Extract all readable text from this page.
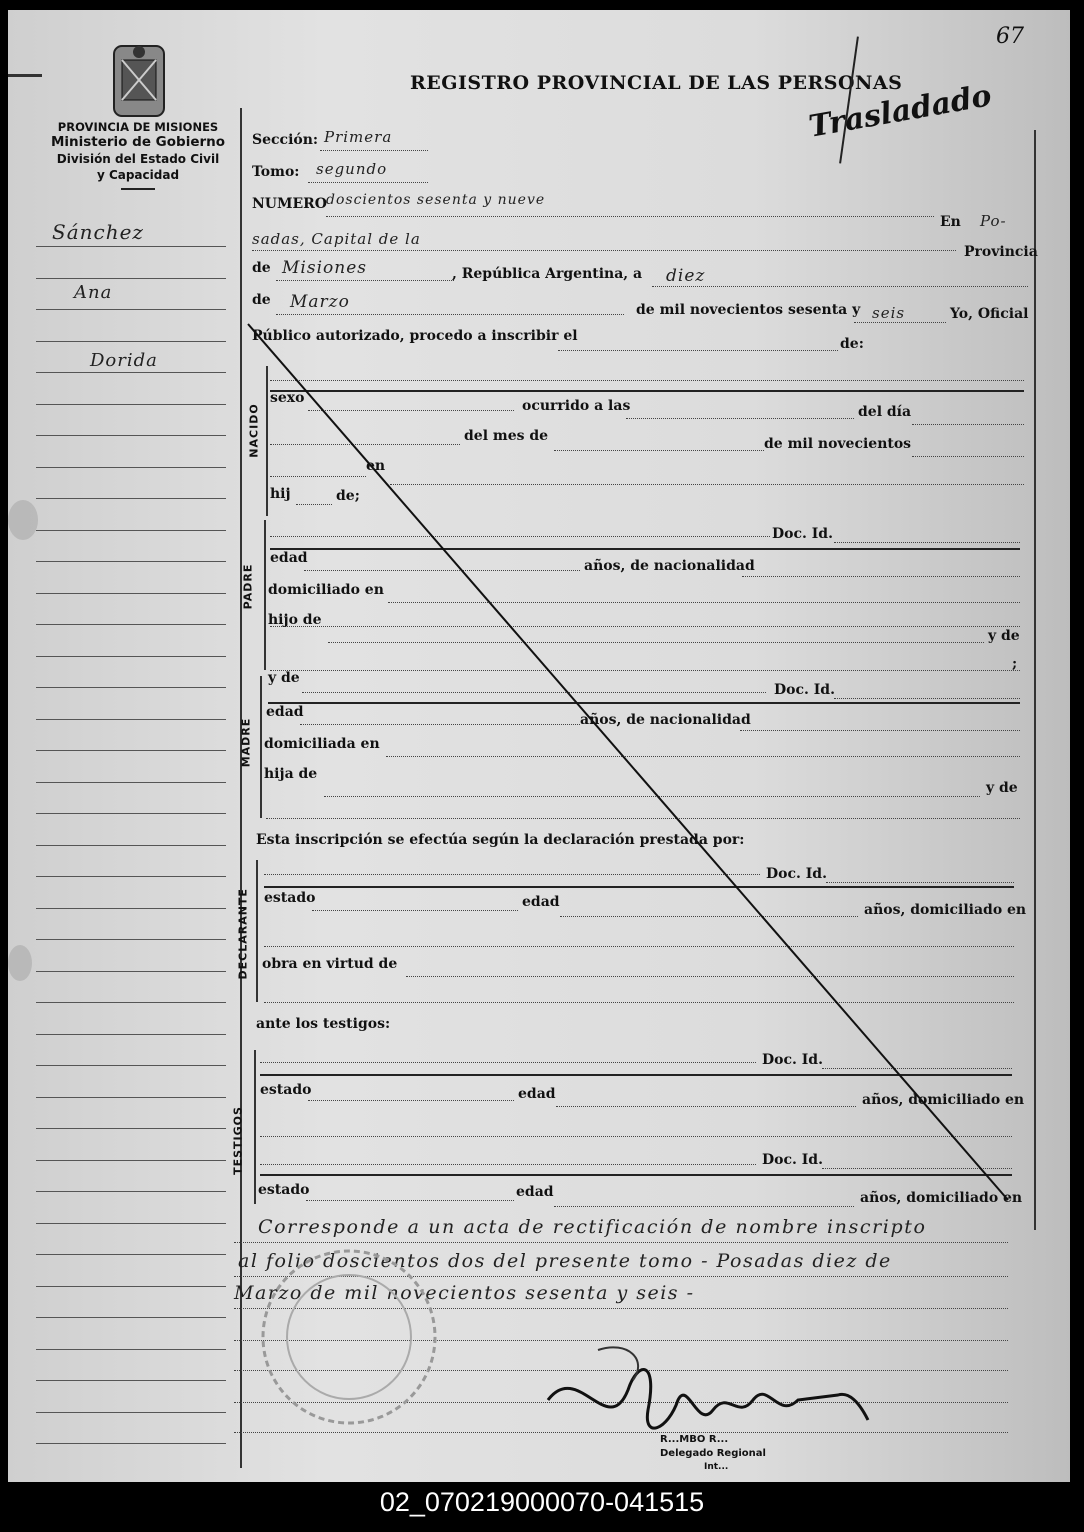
PROVINCIA DE MISIONES
Ministerio de Gobierno
División del Estado Civil
y Capacidad
REGISTRO PROVINCIAL DE LAS PERSONAS
Trasladado
67
Sánchez
Ana
Dorida
Sección: Primera
Tomo: segundo
NUMERO
doscientos sesenta y nueve
En Po-
sadas, Capital de la
Provincia
de Misiones	, República Argentina, a diez
de Marzo	de mil novecientos sesenta y seis	Yo, Oficial
Público autorizado, procedo a inscribir el	de:
NACIDO
sexo	ocurrido a las	del día
del mes de	de mil novecientos
en
hij	de;
PADRE
Doc. Id.
edad	años, de nacionalidad
domiciliado en
hijo de
y de
;
MADRE
y de
Doc. Id.
edad	años, de nacionalidad
domiciliada en
hija de
y de
Esta inscripción se efectúa según la declaración prestada por:
DECLARANTE
Doc. Id.
estado	edad	años, domiciliado en
obra en virtud de
ante los testigos:
TESTIGOS
Doc. Id.
estado	edad	años, domiciliado en
Doc. Id.
estado	edad	años, domiciliado en
Corresponde a un acta de rectificación de nombre inscripto
al folio doscientos dos del presente tomo - Posadas diez de
Marzo de mil novecientos sesenta y seis -
R...MBO R...
Delegado Regional
Int...
02_070219000070-041515
